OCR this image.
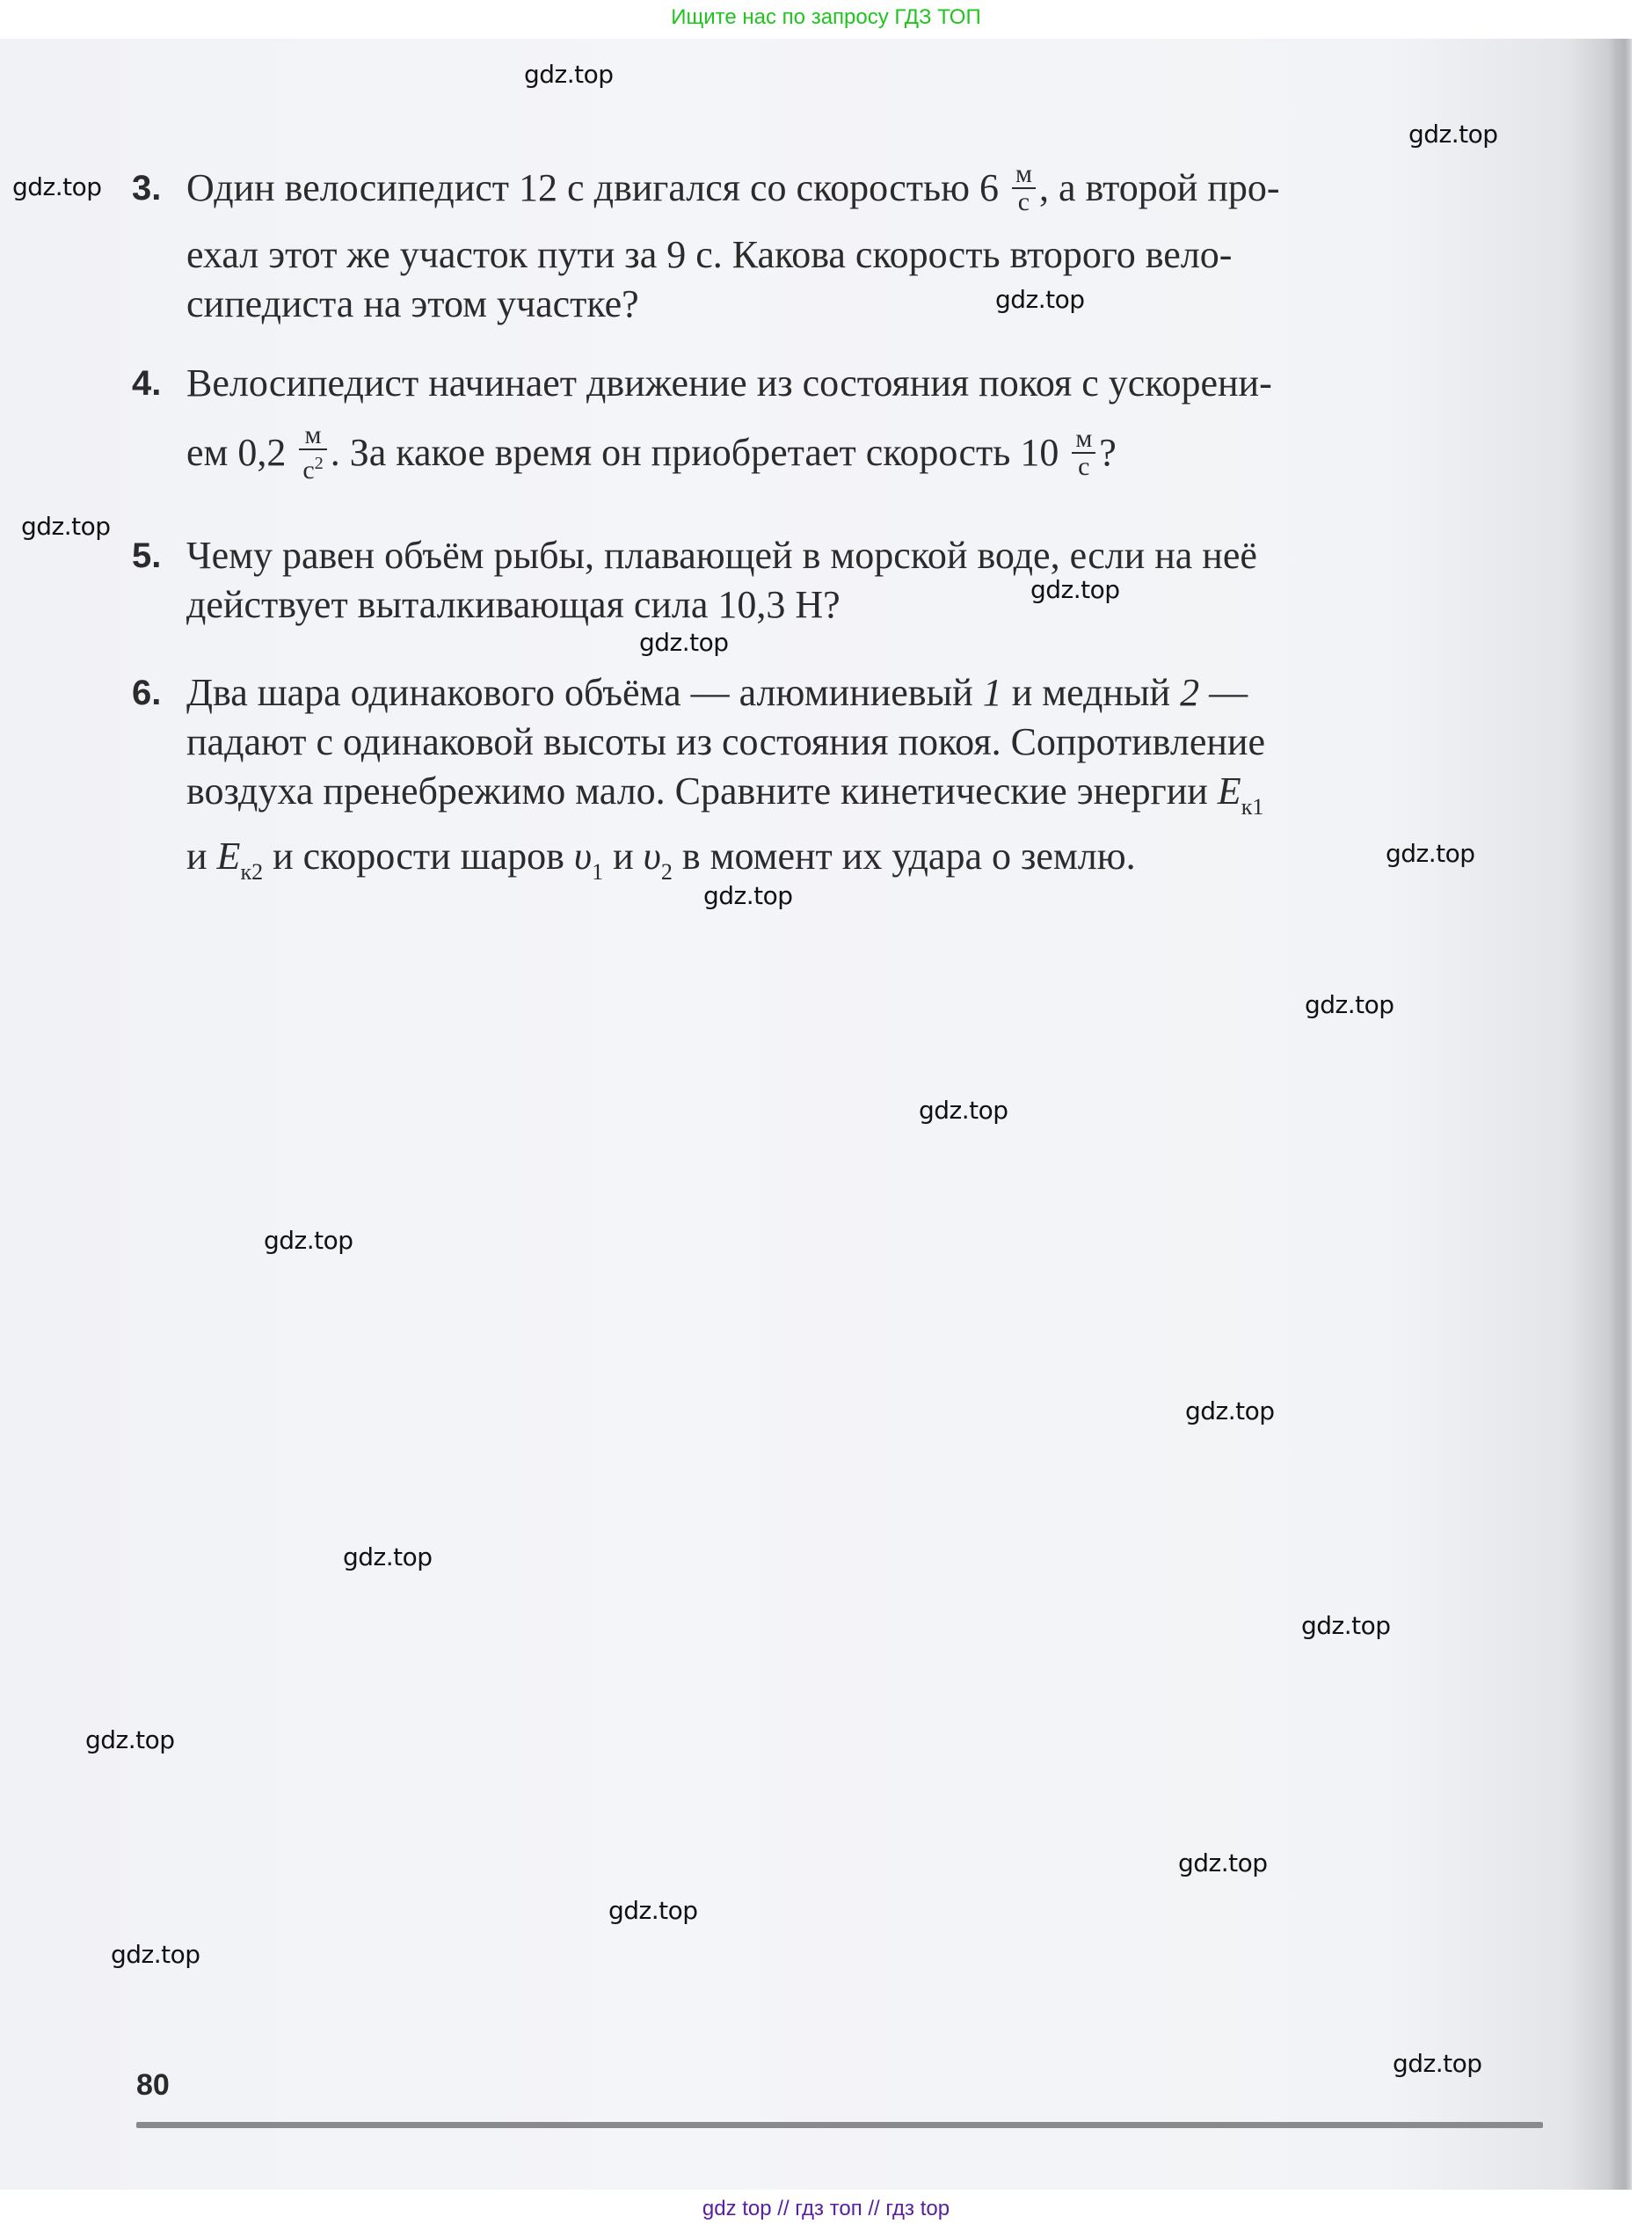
Ищите нас по запросу ГДЗ ТОП
3. Один велосипедист 12 с двигался со скоростью $6 \frac{м}{с}$ , а второй про-
ехал этот же участок пути за 9 с. Какова скорость второго вело-
сипедиста на этом участке?
4. Велосипедист начинает движение из состояния покоя с ускорени-
ем $0,2 \frac{м}{с^2}$ . За какое время он приобретает скорость $10 \frac{м}{с}$ ?
5. Чему равен объём рыбы, плавающей в морской воде, если на неё
действует выталкивающая сила 10,3 Н?
6. Два шара одинакового объёма — алюминиевый 1 и медный 2 —
падают с одинаковой высоты из состояния покоя. Сопротивление
воздуха пренебрежимо мало. Сравните кинетические энергии $E_{к1}$
и $E_{к2}$ и скорости шаров $\upsilon_1$ и $\upsilon_2$ в момент их удара о землю.
80
gdz.top
gdz.top
gdz.top
gdz.top
gdz.top
gdz.top
gdz.top
gdz.top
gdz.top
gdz.top
gdz.top
gdz.top
gdz.top
gdz.top
gdz.top
gdz.top
gdz.top
gdz.top
gdz.top
gdz.top
gdz top // гдз топ // гдз top
